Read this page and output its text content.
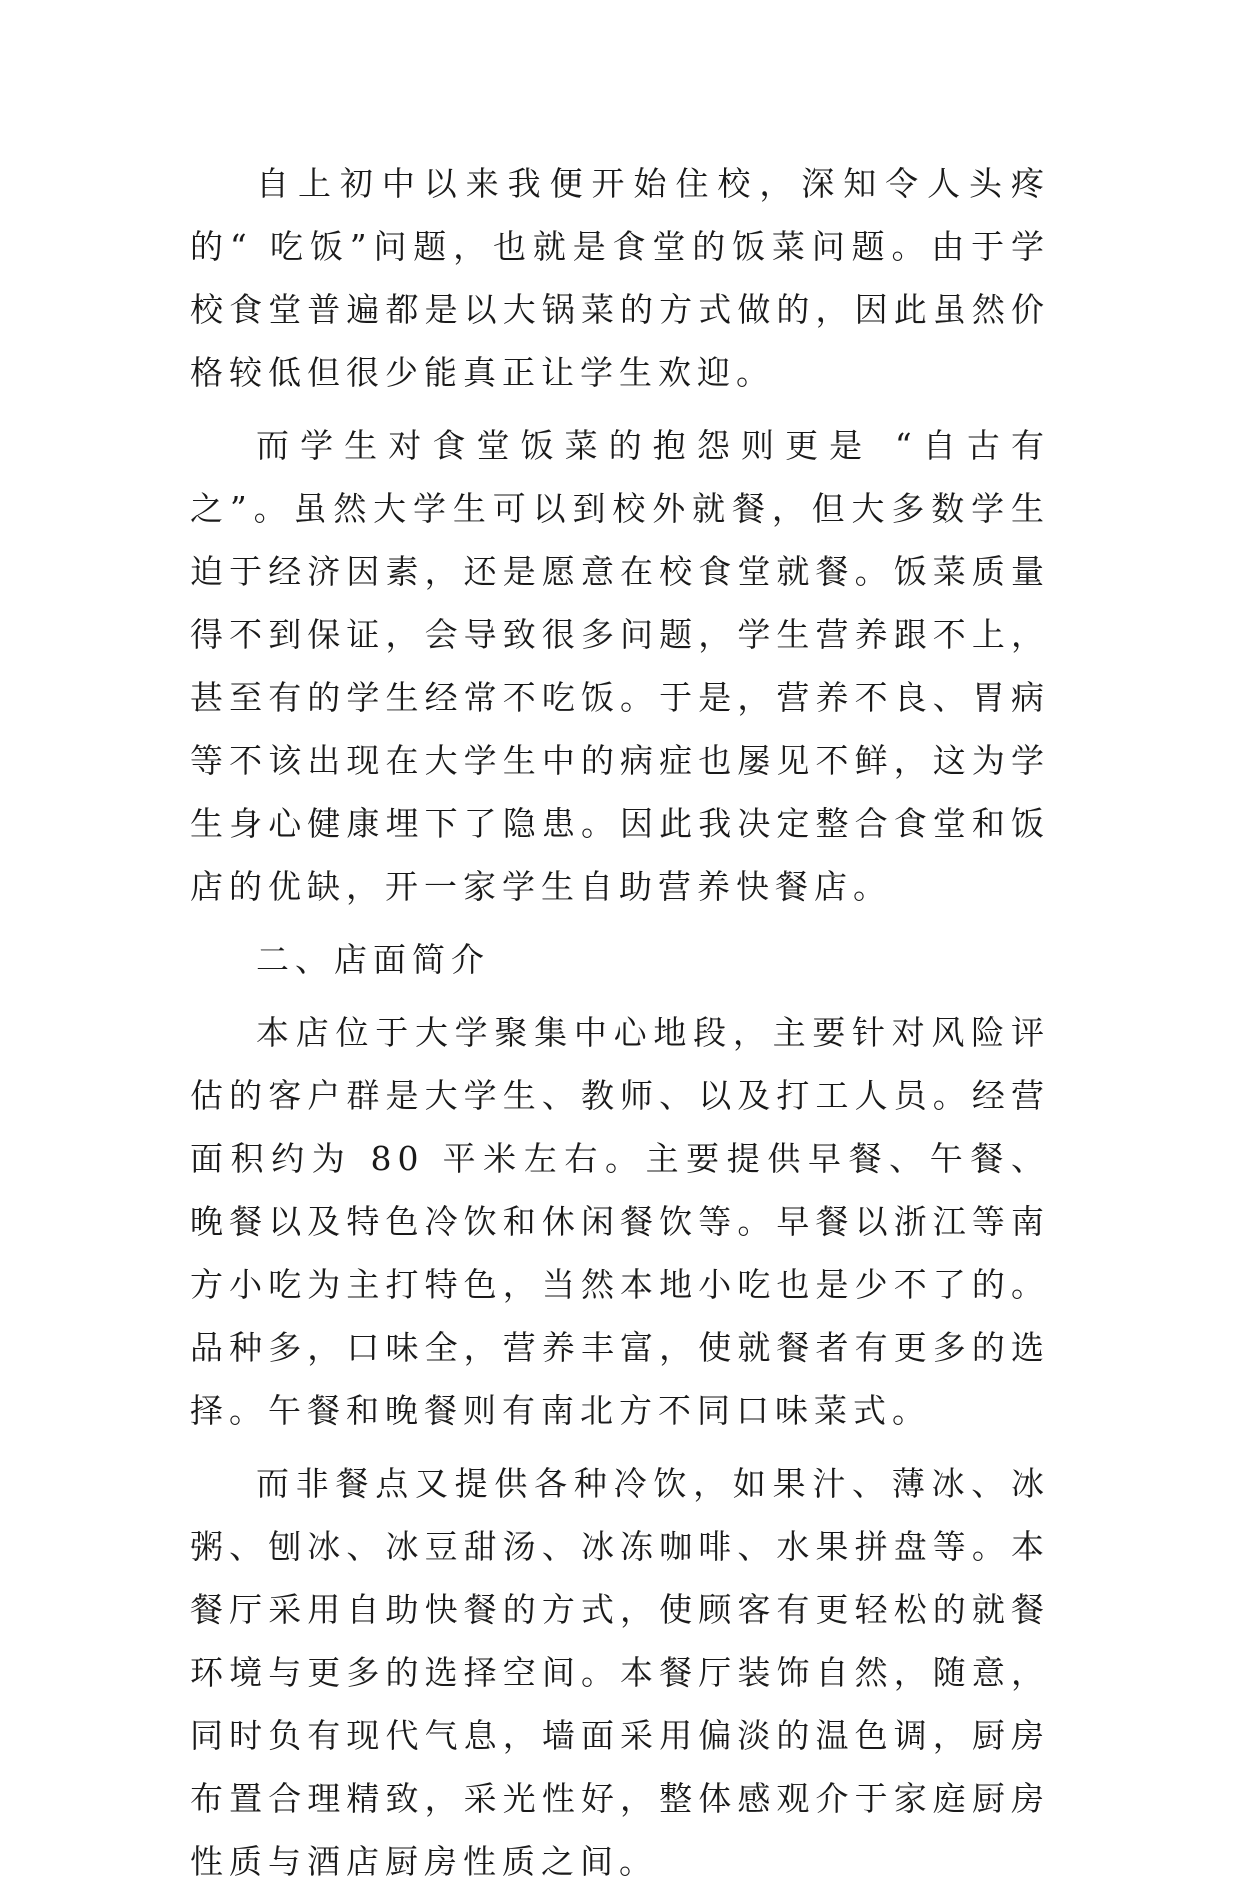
自上初中以来我便开始住校，深知令人头疼的“ 吃饭”问题，也就是食堂的饭菜问题。由于学校食堂普遍都是以大锅菜的方式做的，因此虽然价格较低但很少能真正让学生欢迎。

而学生对食堂饭菜的抱怨则更是 “自古有之”。虽然大学生可以到校外就餐，但大多数学生迫于经济因素，还是愿意在校食堂就餐。饭菜质量得不到保证，会导致很多问题，学生营养跟不上，甚至有的学生经常不吃饭。于是，营养不良、胃病等不该出现在大学生中的病症也屡见不鲜，这为学生身心健康埋下了隐患。因此我决定整合食堂和饭店的优缺，开一家学生自助营养快餐店。

二、店面简介

本店位于大学聚集中心地段，主要针对风险评估的客户群是大学生、教师、以及打工人员。经营面积约为 80 平米左右。主要提供早餐、午餐、晚餐以及特色冷饮和休闲餐饮等。早餐以浙江等南方小吃为主打特色，当然本地小吃也是少不了的。品种多，口味全，营养丰富，使就餐者有更多的选择。午餐和晚餐则有南北方不同口味菜式。

而非餐点又提供各种冷饮，如果汁、薄冰、冰粥、刨冰、冰豆甜汤、冰冻咖啡、水果拼盘等。本餐厅采用自助快餐的方式，使顾客有更轻松的就餐环境与更多的选择空间。本餐厅装饰自然，随意，同时负有现代气息，墙面采用偏淡的温色调，厨房布置合理精致，采光性好，整体感观介于家庭厨房性质与酒店厨房性质之间。
